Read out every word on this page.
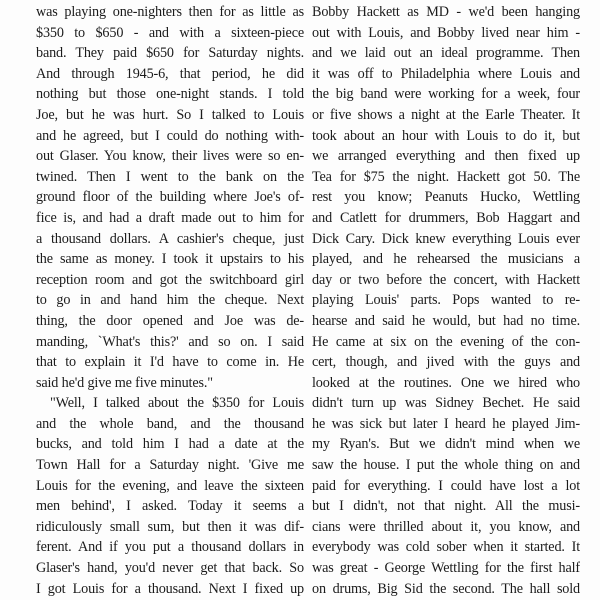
was playing one-nighters then for as little as
$350 to $650 - and with a sixteen-piece
band. They paid $650 for Saturday nights.
And through 1945-6, that period, he did
nothing but those one-night stands. I told
Joe, but he was hurt. So I talked to Louis
and he agreed, but I could do nothing with-
out Glaser. You know, their lives were so en-
twined. Then I went to the bank on the
ground floor of the building where Joe's of-
fice is, and had a draft made out to him for
a thousand dollars. A cashier's cheque, just
the same as money. I took it upstairs to his
reception room and got the switchboard girl
to go in and hand him the cheque. Next
thing, the door opened and Joe was de-
manding, `What's this?' and so on. I said
that to explain it I'd have to come in. He
said he'd give me five minutes."
"Well, I talked about the $350 for Louis
and the whole band, and the thousand
bucks, and told him I had a date at the
Town Hall for a Saturday night. 'Give me
Louis for the evening, and leave the sixteen
men behind', I asked. Today it seems a
ridiculously small sum, but then it was dif-
ferent. And if you put a thousand dollars in
Glaser's hand, you'd never get that back. So
I got Louis for a thousand. Next I fixed up
Bobby Hackett as MD - we'd been hanging
out with Louis, and Bobby lived near him -
and we laid out an ideal programme. Then
it was off to Philadelphia where Louis and
the big band were working for a week, four
or five shows a night at the Earle Theater. It
took about an hour with Louis to do it, but
we arranged everything and then fixed up
Tea for $75 the night. Hackett got 50. The
rest you know; Peanuts Hucko, Wettling
and Catlett for drummers, Bob Haggart and
Dick Cary. Dick knew everything Louis ever
played, and he rehearsed the musicians a
day or two before the concert, with Hackett
playing Louis' parts. Pops wanted to re-
hearse and said he would, but had no time.
He came at six on the evening of the con-
cert, though, and jived with the guys and
looked at the routines. One we hired who
didn't turn up was Sidney Bechet. He said
he was sick but later I heard he played Jim-
my Ryan's. But we didn't mind when we
saw the house. I put the whole thing on and
paid for everything. I could have lost a lot
but I didn't, not that night. All the musi-
cians were thrilled about it, you know, and
everybody was cold sober when it started. It
was great - George Wettling for the first half
on drums, Big Sid the second. The hall sold
